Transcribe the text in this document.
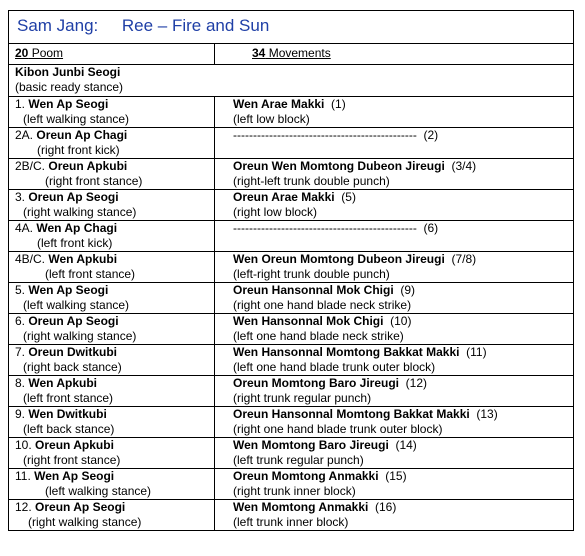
Sam Jang:     Ree – Fire and Sun	
20 Poom	34 Movements

Kibon Junbi Seogi
(basic ready stance)	

1. Wen Ap Seogi
(left walking stance)	Wen Arae Makki  (1)
(left low block)

2A. Oreun Ap Chagi
(right front kick)	----------------------------------------------  (2)

2B/C. Oreun Apkubi
(right front stance)	Oreun Wen Momtong Dubeon Jireugi  (3/4)
(right-left trunk double punch)

3. Oreun Ap Seogi
(right walking stance)	Oreun Arae Makki  (5)
(right low block)

4A. Wen Ap Chagi
(left front kick)	----------------------------------------------  (6)

4B/C. Wen Apkubi
(left front stance)	Wen Oreun Momtong Dubeon Jireugi  (7/8)
(left-right trunk double punch)

5. Wen Ap Seogi
(left walking stance)	Oreun Hansonnal Mok Chigi  (9)
(right one hand blade neck strike)

6. Oreun Ap Seogi
(right walking stance)	Wen Hansonnal Mok Chigi  (10)
(left one hand blade neck strike)

7. Oreun Dwitkubi
(right back stance)	Wen Hansonnal Momtong Bakkat Makki  (11)
(left one hand blade trunk outer block)

8. Wen Apkubi
(left front stance)	Oreun Momtong Baro Jireugi  (12)
(right trunk regular punch)

9. Wen Dwitkubi
(left back stance)	Oreun Hansonnal Momtong Bakkat Makki  (13)
(right one hand blade trunk outer block)

10. Oreun Apkubi
(right front stance)	Wen Momtong Baro Jireugi  (14)
(left trunk regular punch)

11. Wen Ap Seogi
(left walking stance)	Oreun Momtong Anmakki  (15)
(right trunk inner block)

12. Oreun Ap Seogi
(right walking stance)	Wen Momtong Anmakki  (16)
(left trunk inner block)
